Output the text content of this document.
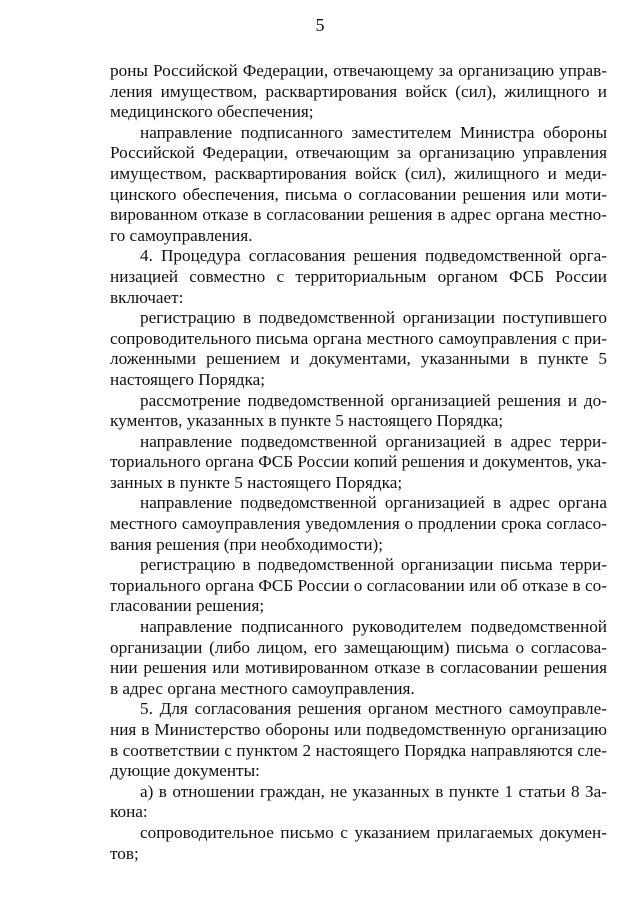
5

роны Российской Федерации, отвечающему за организацию управления имуществом, расквартирования войск (сил), жилищного и медицинского обеспечения;

направление подписанного заместителем Министра обороны Российской Федерации, отвечающим за организацию управления имуществом, расквартирования войск (сил), жилищного и медицинского обеспечения, письма о согласовании решения или мотивированном отказе в согласовании решения в адрес органа местного самоуправления.

4. Процедура согласования решения подведомственной организацией совместно с территориальным органом ФСБ России включает:

регистрацию в подведомственной организации поступившего сопроводительного письма органа местного самоуправления с приложенными решением и документами, указанными в пункте 5 настоящего Порядка;

рассмотрение подведомственной организацией решения и документов, указанных в пункте 5 настоящего Порядка;

направление подведомственной организацией в адрес территориального органа ФСБ России копий решения и документов, указанных в пункте 5 настоящего Порядка;

направление подведомственной организацией в адрес органа местного самоуправления уведомления о продлении срока согласования решения (при необходимости);

регистрацию в подведомственной организации письма территориального органа ФСБ России о согласовании или об отказе в согласовании решения;

направление подписанного руководителем подведомственной организации (либо лицом, его замещающим) письма о согласовании решения или мотивированном отказе в согласовании решения в адрес органа местного самоуправления.

5. Для согласования решения органом местного самоуправления в Министерство обороны или подведомственную организацию в соответствии с пунктом 2 настоящего Порядка направляются следующие документы:

а) в отношении граждан, не указанных в пункте 1 статьи 8 Закона:

сопроводительное письмо с указанием прилагаемых документов;
